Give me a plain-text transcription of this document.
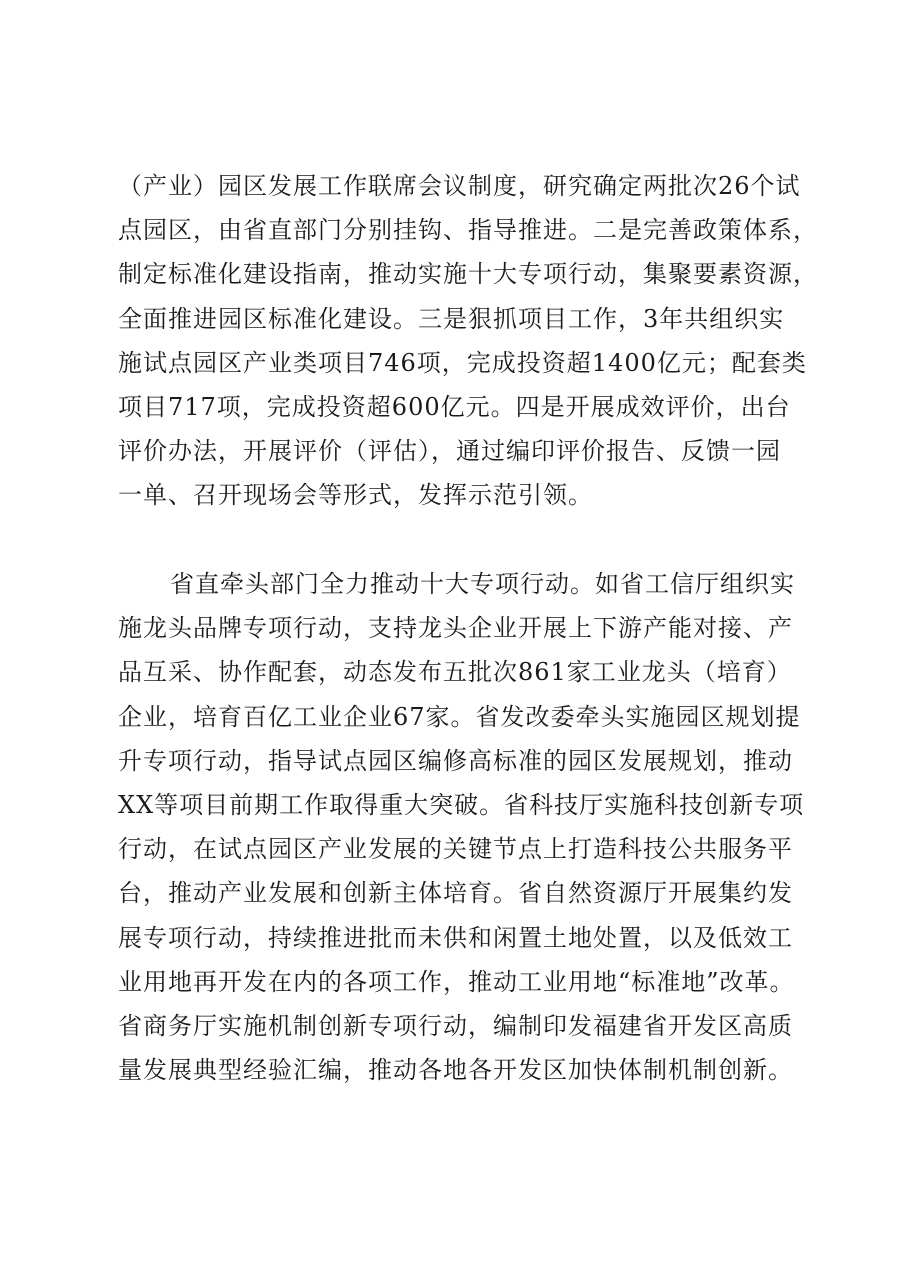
（产业）园区发展工作联席会议制度，研究确定两批次26个试
点园区，由省直部门分别挂钩、指导推进。二是完善政策体系，
制定标准化建设指南，推动实施十大专项行动，集聚要素资源，
全面推进园区标准化建设。三是狠抓项目工作，3年共组织实
施试点园区产业类项目746项，完成投资超1400亿元；配套类
项目717项，完成投资超600亿元。四是开展成效评价，出台
评价办法，开展评价（评估），通过编印评价报告、反馈一园
一单、召开现场会等形式，发挥示范引领。
省直牵头部门全力推动十大专项行动。如省工信厅组织实
施龙头品牌专项行动，支持龙头企业开展上下游产能对接、产
品互采、协作配套，动态发布五批次861家工业龙头（培育）
企业，培育百亿工业企业67家。省发改委牵头实施园区规划提
升专项行动，指导试点园区编修高标准的园区发展规划，推动
XX等项目前期工作取得重大突破。省科技厅实施科技创新专项
行动，在试点园区产业发展的关键节点上打造科技公共服务平
台，推动产业发展和创新主体培育。省自然资源厅开展集约发
展专项行动，持续推进批而未供和闲置土地处置，以及低效工
业用地再开发在内的各项工作，推动工业用地“标准地”改革。
省商务厅实施机制创新专项行动，编制印发福建省开发区高质
量发展典型经验汇编，推动各地各开发区加快体制机制创新。
